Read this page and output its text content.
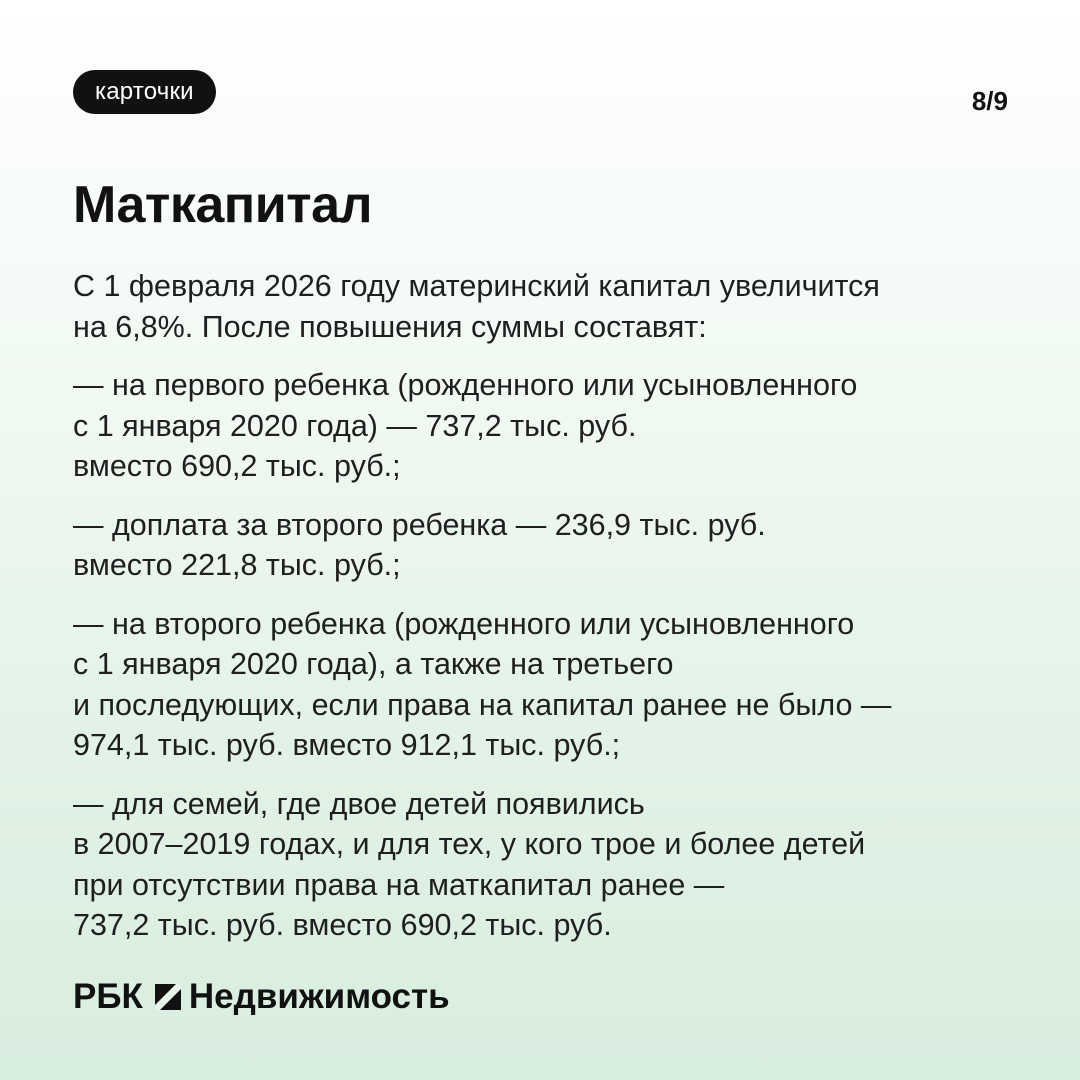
карточки	8/9
Маткапитал

С 1 февраля 2026 году материнский капитал увеличится
на 6,8%. После повышения суммы составят:

— на первого ребенка (рожденного или усыновленного
с 1 января 2020 года) — 737,2 тыс. руб.
вместо 690,2 тыс. руб.;

— доплата за второго ребенка — 236,9 тыс. руб.
вместо 221,8 тыс. руб.;

— на второго ребенка (рожденного или усыновленного
с 1 января 2020 года), а также на третьего
и последующих, если права на капитал ранее не было —
974,1 тыс. руб. вместо 912,1 тыс. руб.;

— для семей, где двое детей появились
в 2007–2019 годах, и для тех, у кого трое и более детей
при отсутствии права на маткапитал ранее —
737,2 тыс. руб. вместо 690,2 тыс. руб.

РБК Недвижимость
